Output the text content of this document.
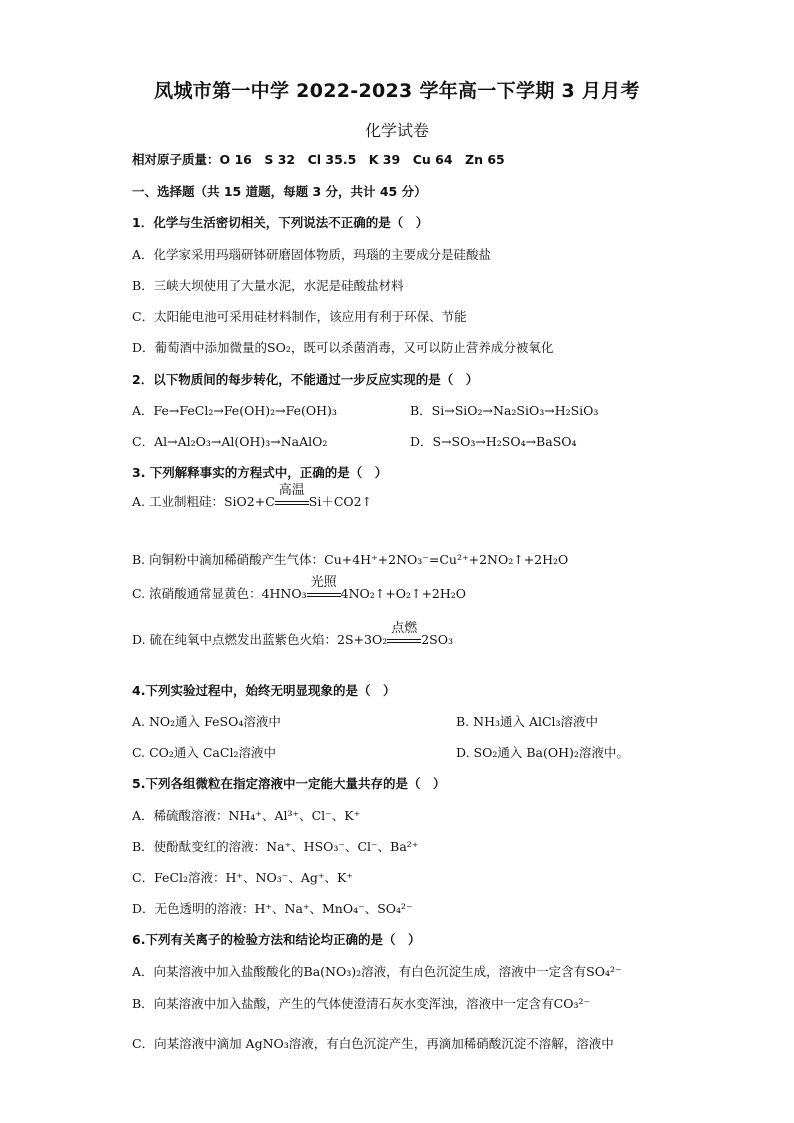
凤城市第一中学 2022-2023 学年高一下学期 3 月月考
化学试卷
相对原子质量：O 16　S 32　Cl 35.5　K 39　Cu 64　Zn 65
一、选择题（共 15 道题，每题 3 分，共计 45 分）
1．化学与生活密切相关，下列说法不正确的是（　）
A．化学家采用玛瑙研钵研磨固体物质，玛瑙的主要成分是硅酸盐
B．三峡大坝使用了大量水泥，水泥是硅酸盐材料
C．太阳能电池可采用硅材料制作，该应用有利于环保、节能
D．葡萄酒中添加微量的SO₂，既可以杀菌消毒，又可以防止营养成分被氧化
2．以下物质间的每步转化，不能通过一步反应实现的是（　）
A．Fe→FeCl₂→Fe(OH)₂→Fe(OH)₃	B．Si→SiO₂→Na₂SiO₃→H₂SiO₃
C．Al→Al₂O₃→Al(OH)₃→NaAlO₂	D．S→SO₃→H₂SO₄→BaSO₄
3. 下列解释事实的方程式中，正确的是（　）
A. 工业制粗硅：SiO2+C
高温
Si＋CO2↑
B. 向铜粉中滴加稀硝酸产生气体：Cu+4H⁺+2NO₃⁻=Cu²⁺+2NO₂↑+2H₂O
C. 浓硝酸通常显黄色：4HNO₃
光照
4NO₂↑+O₂↑+2H₂O
D. 硫在纯氧中点燃发出蓝紫色火焰：2S+3O₂
点燃
2SO₃
4.下列实验过程中，始终无明显现象的是（　）
A. NO₂通入 FeSO₄溶液中	B. NH₃通入 AlCl₃溶液中
C. CO₂通入 CaCl₂溶液中	D. SO₂通入 Ba(OH)₂溶液中。
5.下列各组微粒在指定溶液中一定能大量共存的是（　）
A．稀硫酸溶液：NH₄⁺、Al³⁺、Cl⁻、K⁺
B．使酚酞变红的溶液：Na⁺、HSO₃⁻、Cl⁻、Ba²⁺
C．FeCl₂溶液：H⁺、NO₃⁻、Ag⁺、K⁺
D．无色透明的溶液：H⁺、Na⁺、MnO₄⁻、SO₄²⁻
6.下列有关离子的检验方法和结论均正确的是（　）
A．向某溶液中加入盐酸酸化的Ba(NO₃)₂溶液，有白色沉淀生成，溶液中一定含有SO₄²⁻
B．向某溶液中加入盐酸，产生的气体使澄清石灰水变浑浊，溶液中一定含有CO₃²⁻
C．向某溶液中滴加 AgNO₃溶液，有白色沉淀产生，再滴加稀硝酸沉淀不溶解，溶液中
